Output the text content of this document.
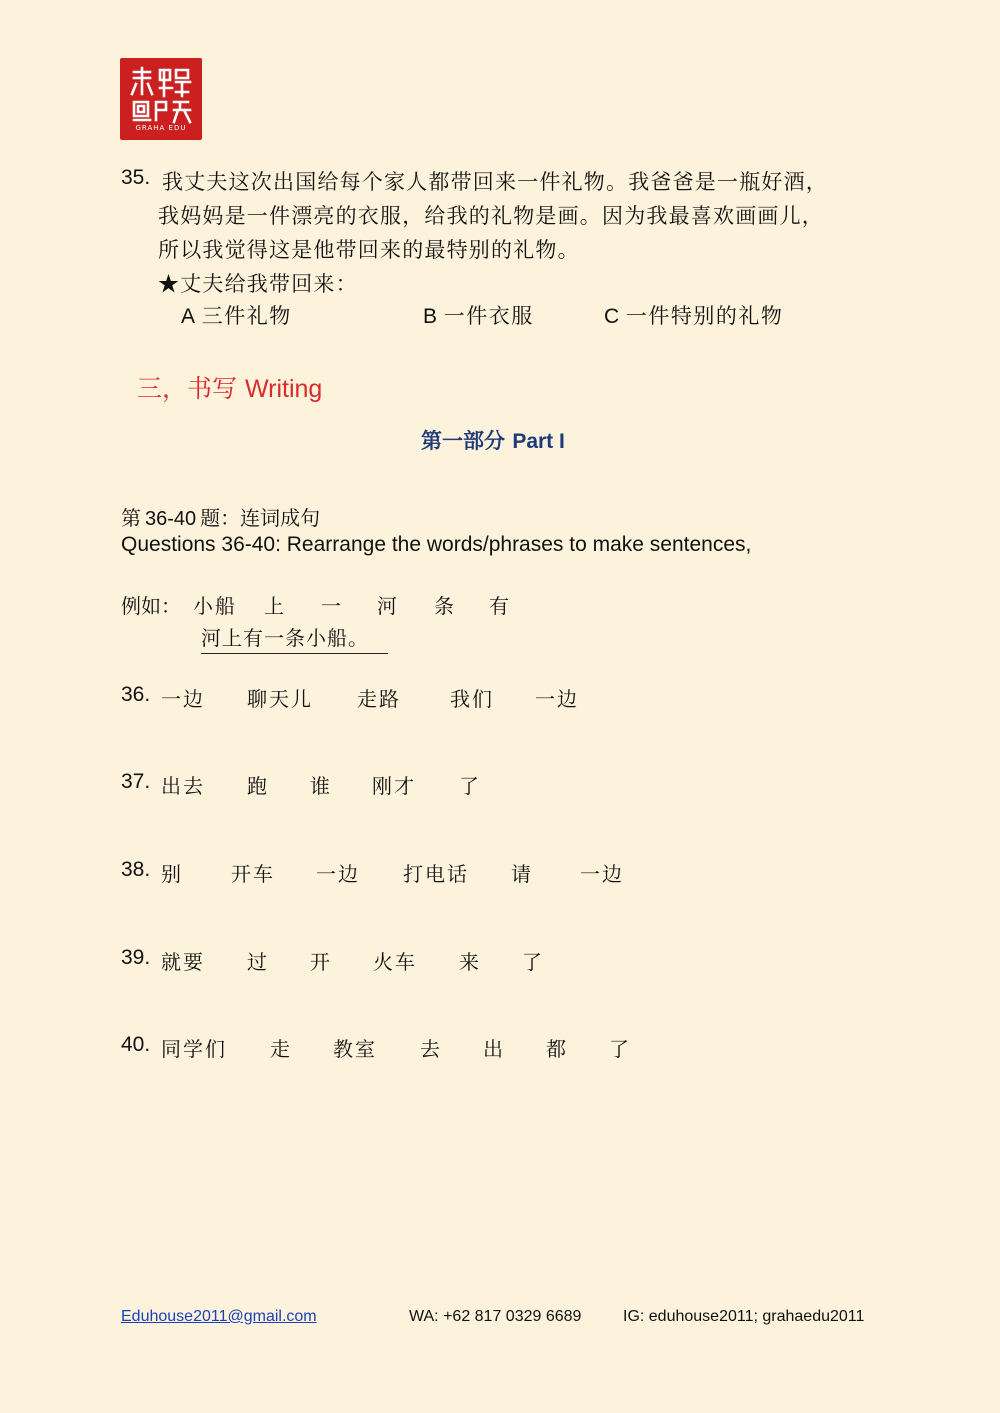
GRAHA EDU
35. 我丈夫这次出国给每个家人都带回来一件礼物。我爸爸是一瓶好酒，
我妈妈是一件漂亮的衣服，给我的礼物是画。因为我最喜欢画画儿，
所以我觉得这是他带回来的最特别的礼物。
★丈夫给我带回来：
A 三件礼物	B 一件衣服	C 一件特别的礼物
三，书写 Writing
第一部分 Part I
第 36-40 题：连词成句
Questions 36-40: Rearrange the words/phrases to make sentences,
例如： 小船 上 一 河 条 有
河上有一条小船。
36. 一边 聊天儿 走路 我们 一边
37. 出去 跑 谁 刚才 了
38. 别 开车 一边 打电话 请 一边
39. 就要 过 开 火车 来 了
40. 同学们 走 教室 去 出 都 了
Eduhouse2011@gmail.com	WA: +62 817 0329 6689	IG: eduhouse2011; grahaedu2011
